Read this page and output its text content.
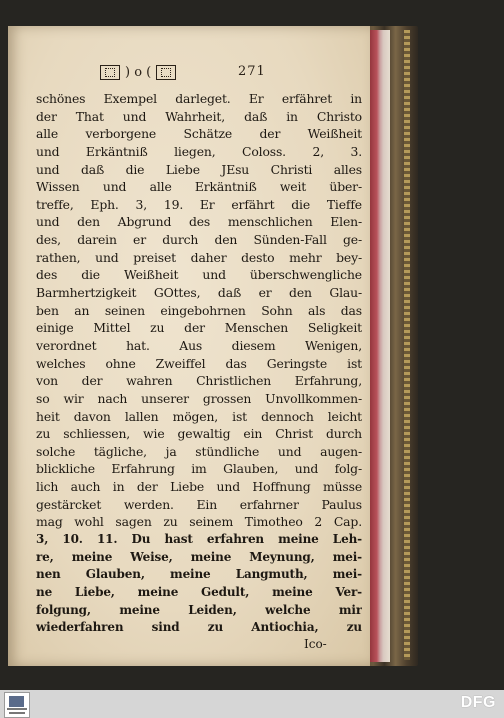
) o (	271
schönes Exempel darleget. Er erfähret in
der That und Wahrheit, daß in Christo
alle verborgene Schätze der Weißheit
und Erkäntniß liegen, Coloss. 2, 3.
und daß die Liebe JEsu Christi alles
Wissen und alle Erkäntniß weit über-
treffe, Eph. 3, 19. Er erfährt die Tieffe
und den Abgrund des menschlichen Elen-
des, darein er durch den Sünden-Fall ge-
rathen, und preiset daher desto mehr bey-
des die Weißheit und überschwengliche
Barmhertzigkeit GOttes, daß er den Glau-
ben an seinen eingebohrnen Sohn als das
einige Mittel zu der Menschen Seligkeit
verordnet hat. Aus diesem Wenigen,
welches ohne Zweiffel das Geringste ist
von der wahren Christlichen Erfahrung,
so wir nach unserer grossen Unvollkommen-
heit davon lallen mögen, ist dennoch leicht
zu schliessen, wie gewaltig ein Christ durch
solche tägliche, ja stündliche und augen-
blickliche Erfahrung im Glauben, und folg-
lich auch in der Liebe und Hoffnung müsse
gestärcket werden. Ein erfahrner Paulus
mag wohl sagen zu seinem Timotheo 2 Cap.
3, 10. 11. Du hast erfahren meine Leh-
re, meine Weise, meine Meynung, mei-
nen Glauben, meine Langmuth, mei-
ne Liebe, meine Gedult, meine Ver-
folgung, meine Leiden, welche mir
wiederfahren sind zu Antiochia, zu
Ico-
DFG
